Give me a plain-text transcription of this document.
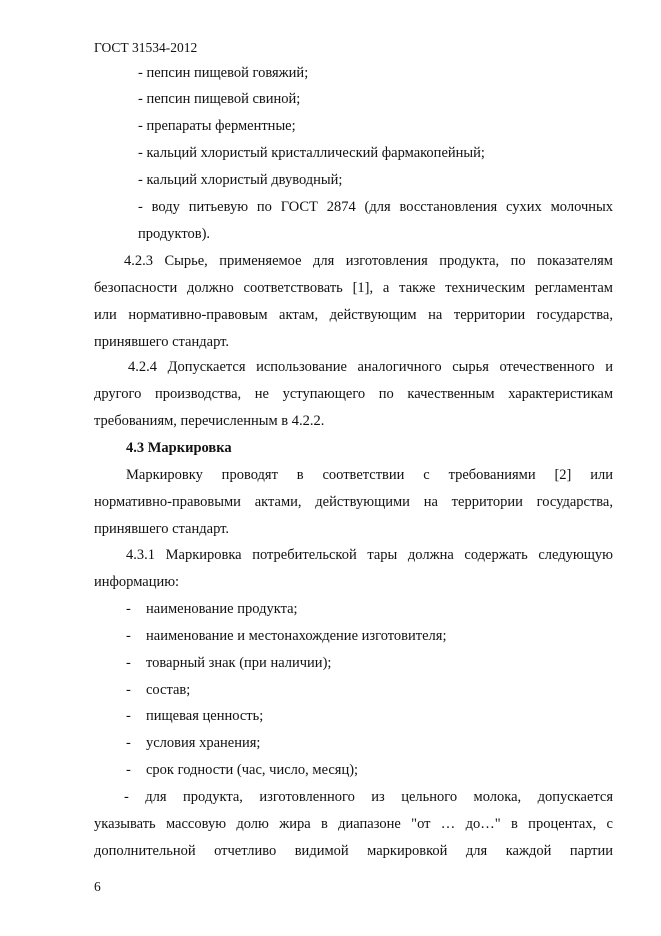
ГОСТ 31534-2012
- пепсин пищевой говяжий;
- пепсин пищевой свиной;
- препараты ферментные;
- кальций хлористый кристаллический фармакопейный;
- кальций хлористый двуводный;
- воду питьевую по ГОСТ 2874 (для восстановления сухих молочных
продуктов).
4.2.3 Сырье, применяемое для изготовления продукта, по показателям
безопасности должно соответствовать [1], а также техническим регламентам
или нормативно-правовым актам, действующим на территории государства,
принявшего стандарт.
4.2.4 Допускается использование аналогичного сырья отечественного и
другого производства, не уступающего по качественным характеристикам
требованиям, перечисленным в 4.2.2.
4.3 Маркировка
Маркировку проводят в соответствии с требованиями [2] или
нормативно-правовыми актами, действующими на территории государства,
принявшего стандарт.
4.3.1 Маркировка потребительской тары должна содержать следующую
информацию:
- наименование продукта;
- наименование и местонахождение изготовителя;
- товарный знак (при наличии);
- состав;
- пищевая ценность;
- условия хранения;
- срок годности (час, число, месяц);
- для продукта, изготовленного из цельного молока, допускается
указывать массовую долю жира в диапазоне "от … до…" в процентах, с
дополнительной отчетливо видимой маркировкой для каждой партии
6
